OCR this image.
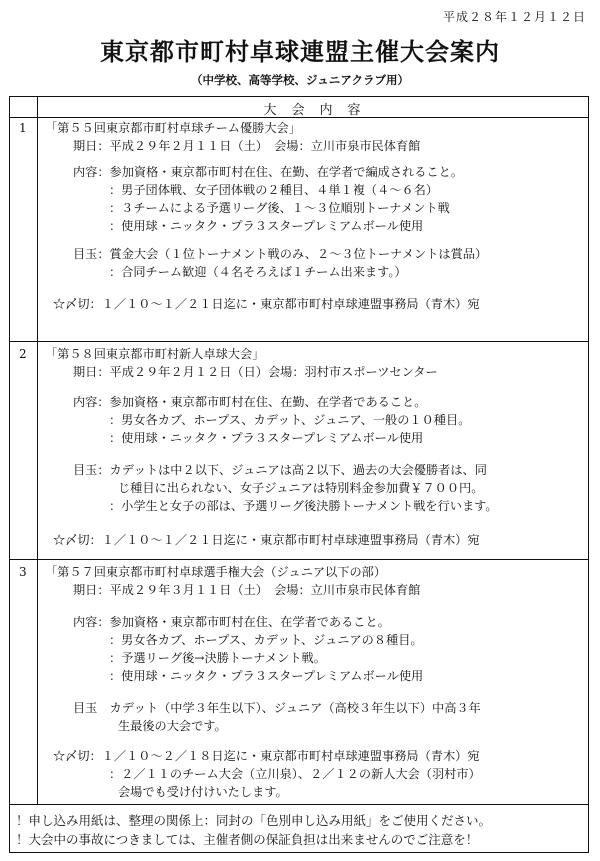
平成２８年１２月１２日
東京都市町村卓球連盟主催大会案内
（中学校、高等学校、ジュニアクラブ用）
大　会　内　容
1 「第５５回東京都市町村卓球チーム優勝大会」
期日：平成２９年２月１１日（土）　会場：立川市泉市民体育館
内容：参加資格・東京都市町村在住、在勤、在学者で編成されること。
：男子団体戦、女子団体戦の２種目、４単１複（４～６名）
：３チームによる予選リーグ後、１～３位順別トーナメント戦
：使用球・ニッタク・プラ３スタープレミアムボール使用
目玉：賞金大会（１位トーナメント戦のみ、２～３位トーナメントは賞品）
：合同チーム歓迎（４名そろえば１チーム出来ます。）
☆〆切：１／１０～１／２１日迄に・東京都市町村卓球連盟事務局（青木）宛
2 「第５８回東京都市町村新人卓球大会」
期日：平成２９年２月１２日（日）会場：羽村市スポーツセンター
内容：参加資格・東京都市町村在住、在勤、在学者であること。
：男女各カブ、ホープス、カデット、ジュニア、一般の１０種目。
：使用球・ニッタク・プラ３スタープレミアムボール使用
目玉：カデットは中２以下、ジュニアは高２以下、過去の大会優勝者は、同
じ種目に出られない、女子ジュニアは特別料金参加費￥７００円。
：小学生と女子の部は、予選リーグ後決勝トーナメント戦を行います。
☆〆切：１／１０～１／２１日迄に・東京都市町村卓球連盟事務局（青木）宛
3 「第５７回東京都市町村卓球選手権大会（ジュニア以下の部）
期日：平成２９年３月１１日（土）　会場：立川市泉市民体育館
内容：参加資格・東京都市町村在住、在学者であること。
：男女各カブ、ホープス、カデット、ジュニアの８種目。
：予選リーグ後→決勝トーナメント戦。
：使用球・ニッタク・プラ３スタープレミアムボール使用
目玉　カデット（中学３年生以下）、ジュニア（高校３年生以下）中高３年
生最後の大会です。
☆〆切：１／１０～２／１８日迄に・東京都市町村卓球連盟事務局（青木）宛
：２／１１のチーム大会（立川泉）、２／１２の新人大会（羽村市）
会場でも受け付けいたします。
！申し込み用紙は、整理の関係上：同封の「色別申し込み用紙」をご使用ください。
！大会中の事故につきましては、主催者側の保証負担は出来ませんのでご注意を！
